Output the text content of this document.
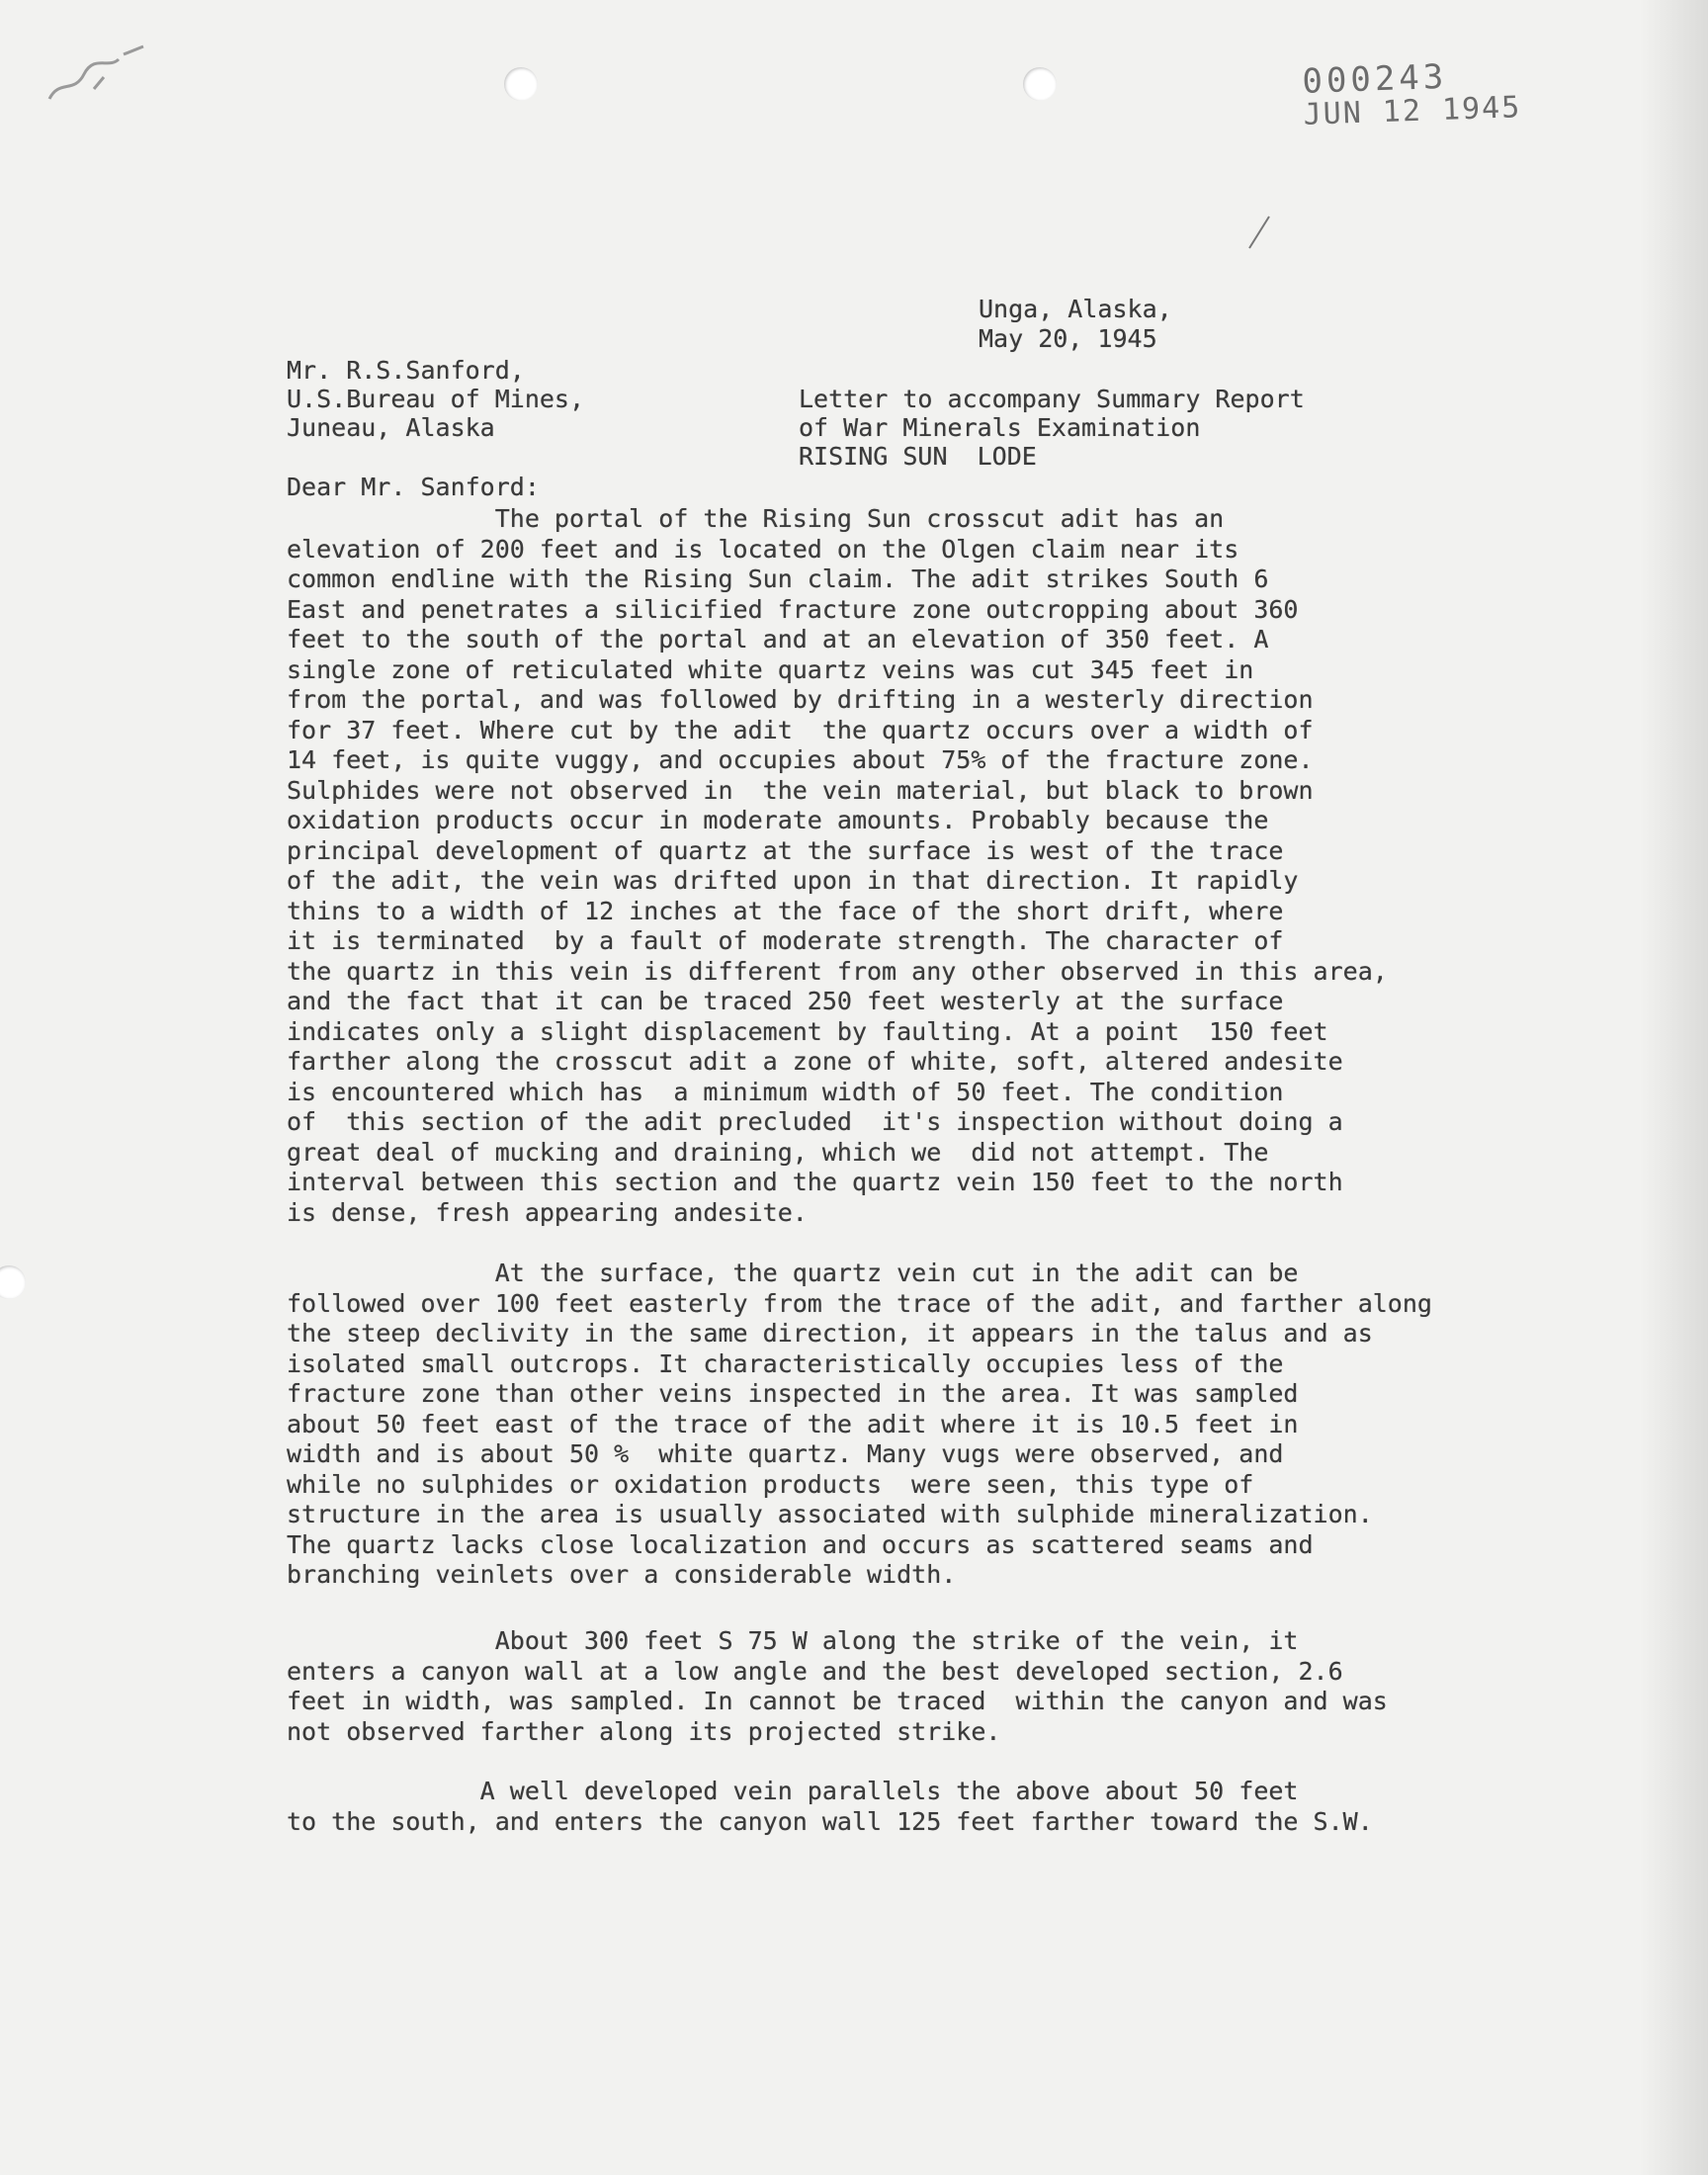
000243
JUN 12 1945
Unga, Alaska,
May 20, 1945
Mr. R.S.Sanford,
U.S.Bureau of Mines,
Juneau, Alaska
Letter to accompany Summary Report
of War Minerals Examination
RISING SUN  LODE
Dear Mr. Sanford:
The portal of the Rising Sun crosscut adit has an
elevation of 200 feet and is located on the Olgen claim near its
common endline with the Rising Sun claim. The adit strikes South 6
East and penetrates a silicified fracture zone outcropping about 360
feet to the south of the portal and at an elevation of 350 feet. A
single zone of reticulated white quartz veins was cut 345 feet in
from the portal, and was followed by drifting in a westerly direction
for 37 feet. Where cut by the adit  the quartz occurs over a width of
14 feet, is quite vuggy, and occupies about 75% of the fracture zone.
Sulphides were not observed in  the vein material, but black to brown
oxidation products occur in moderate amounts. Probably because the
principal development of quartz at the surface is west of the trace
of the adit, the vein was drifted upon in that direction. It rapidly
thins to a width of 12 inches at the face of the short drift, where
it is terminated  by a fault of moderate strength. The character of
the quartz in this vein is different from any other observed in this area,
and the fact that it can be traced 250 feet westerly at the surface
indicates only a slight displacement by faulting. At a point  150 feet
farther along the crosscut adit a zone of white, soft, altered andesite
is encountered which has  a minimum width of 50 feet. The condition
of  this section of the adit precluded  it's inspection without doing a
great deal of mucking and draining, which we  did not attempt. The
interval between this section and the quartz vein 150 feet to the north
is dense, fresh appearing andesite.
At the surface, the quartz vein cut in the adit can be
followed over 100 feet easterly from the trace of the adit, and farther along
the steep declivity in the same direction, it appears in the talus and as
isolated small outcrops. It characteristically occupies less of the
fracture zone than other veins inspected in the area. It was sampled
about 50 feet east of the trace of the adit where it is 10.5 feet in
width and is about 50 %  white quartz. Many vugs were observed, and
while no sulphides or oxidation products  were seen, this type of
structure in the area is usually associated with sulphide mineralization.
The quartz lacks close localization and occurs as scattered seams and
branching veinlets over a considerable width.
About 300 feet S 75 W along the strike of the vein, it
enters a canyon wall at a low angle and the best developed section, 2.6
feet in width, was sampled. In cannot be traced  within the canyon and was
not observed farther along its projected strike.
A well developed vein parallels the above about 50 feet
to the south, and enters the canyon wall 125 feet farther toward the S.W.
